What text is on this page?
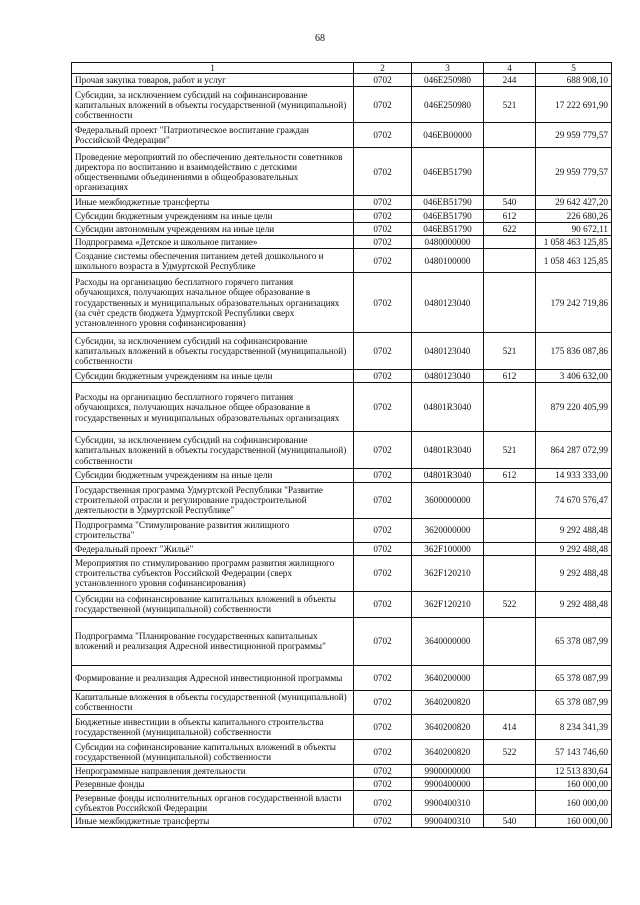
68
1	2	3	4	5
Прочая закупка товаров, работ и услуг	0702	046E250980	244	688 908,10
Субсидии, за исключением субсидий на софинансирование капитальных вложений в объекты государственной (муниципальной) собственности	0702	046E250980	521	17 222 691,90
Федеральный проект "Патриотическое воспитание граждан Российской Федерации"	0702	046EB00000		29 959 779,57
Проведение мероприятий по обеспечению деятельности советников директора по воспитанию и взаимодействию с детскими общественными объединениями в общеобразовательных организациях	0702	046EB51790		29 959 779,57
Иные межбюджетные трансферты	0702	046EB51790	540	29 642 427,20
Субсидии бюджетным учреждениям на иные цели	0702	046EB51790	612	226 680,26
Субсидии автономным учреждениям на иные цели	0702	046EB51790	622	90 672,11
Подпрограмма «Детское и школьное питание»	0702	0480000000		1 058 463 125,85
Создание системы обеспечения питанием детей дошкольного и школьного возраста в Удмуртской Республике	0702	0480100000		1 058 463 125,85
Расходы на организацию бесплатного горячего питания обучающихся, получающих начальное общее образование в государственных и муниципальных образовательных организациях (за счёт средств бюджета Удмуртской Республики сверх установленного уровня софинансирования)	0702	0480123040		179 242 719,86
Субсидии, за исключением субсидий на софинансирование капитальных вложений в объекты государственной (муниципальной) собственности	0702	0480123040	521	175 836 087,86
Субсидии бюджетным учреждениям на иные цели	0702	0480123040	612	3 406 632,00
Расходы на организацию бесплатного горячего питания обучающихся, получающих начальное общее образование в государственных и муниципальных образовательных организациях	0702	04801R3040		879 220 405,99
Субсидии, за исключением субсидий на софинансирование капитальных вложений в объекты государственной (муниципальной) собственности	0702	04801R3040	521	864 287 072,99
Субсидии бюджетным учреждениям на иные цели	0702	04801R3040	612	14 933 333,00
Государственная программа Удмуртской Республики "Развитие строительной отрасли и регулирование градостроительной деятельности в Удмуртской Республике"	0702	3600000000		74 670 576,47
Подпрограмма "Стимулирование развития жилищного строительства"	0702	3620000000		9 292 488,48
Федеральный проект "Жильё"	0702	362F100000		9 292 488,48
Мероприятия по стимулированию программ развития жилищного строительства субъектов Российской Федерации (сверх установленного уровня софинансирования)	0702	362F120210		9 292 488,48
Субсидии на софинансирование капитальных вложений в объекты государственной (муниципальной) собственности	0702	362F120210	522	9 292 488,48
Подпрограмма "Планирование государственных капитальных вложений и реализация Адресной инвестиционной программы"	0702	3640000000		65 378 087,99
Формирование и реализация Адресной инвестиционной программы	0702	3640200000		65 378 087,99
Капитальные вложения в объекты государственной (муниципальной) собственности	0702	3640200820		65 378 087,99
Бюджетные инвестиции в объекты капитального строительства государственной (муниципальной) собственности	0702	3640200820	414	8 234 341,39
Субсидии на софинансирование капитальных вложений в объекты государственной (муниципальной) собственности	0702	3640200820	522	57 143 746,60
Непрограммные направления деятельности	0702	9900000000		12 513 830,64
Резервные фонды	0702	9900400000		160 000,00
Резервные фонды исполнительных органов государственной власти субъектов Российской Федерации	0702	9900400310		160 000,00
Иные межбюджетные трансферты	0702	9900400310	540	160 000,00
